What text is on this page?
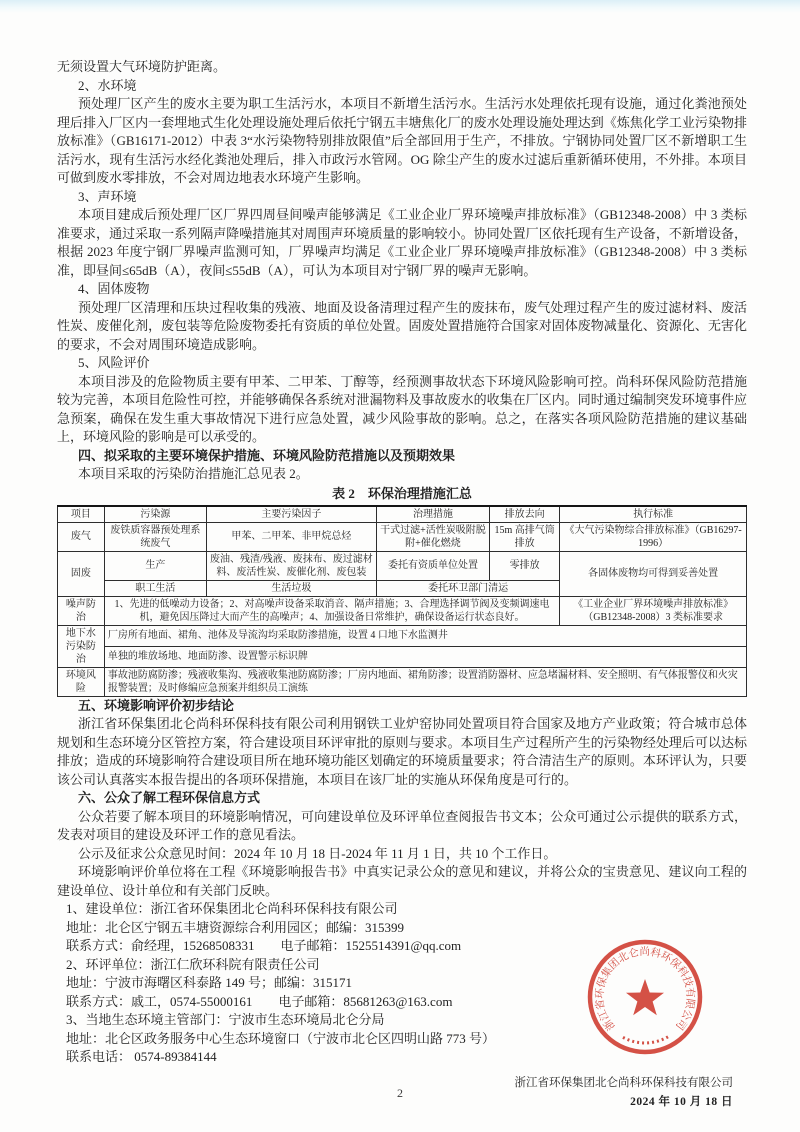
无须设置大气环境防护距离。

2、水环境

预处理厂区产生的废水主要为职工生活污水，本项目不新增生活污水。生活污水处理依托现有设施，通过化粪池预处理后排入厂区内一套埋地式生化处理设施处理后依托宁钢五丰塘焦化厂的废水处理设施处理达到《炼焦化学工业污染物排放标准》（GB16171-2012）中表 3“水污染物特别排放限值”后全部回用于生产，不排放。宁钢协同处置厂区不新增职工生活污水，现有生活污水经化粪池处理后，排入市政污水管网。OG 除尘产生的废水过滤后重新循环使用，不外排。本项目可做到废水零排放，不会对周边地表水环境产生影响。

3、声环境

本项目建成后预处理厂区厂界四周昼间噪声能够满足《工业企业厂界环境噪声排放标准》（GB12348-2008）中 3 类标准要求，通过采取一系列隔声降噪措施其对周围声环境质量的影响较小。协同处置厂区依托现有生产设备，不新增设备，根据 2023 年度宁钢厂界噪声监测可知，厂界噪声均满足《工业企业厂界环境噪声排放标准》（GB12348-2008）中 3 类标准，即昼间≤65dB（A），夜间≤55dB（A），可认为本项目对宁钢厂界的噪声无影响。

4、固体废物

预处理厂区清理和压块过程收集的残液、地面及设备清理过程产生的废抹布，废气处理过程产生的废过滤材料、废活性炭、废催化剂，废包装等危险废物委托有资质的单位处置。固废处置措施符合国家对固体废物减量化、资源化、无害化的要求，不会对周围环境造成影响。

5、风险评价

本项目涉及的危险物质主要有甲苯、二甲苯、丁醇等，经预测事故状态下环境风险影响可控。尚科环保风险防范措施较为完善，本项目危险性可控，并能够确保各系统对泄漏物料及事故废水的收集在厂区内。同时通过编制突发环境事件应急预案，确保在发生重大事故情况下进行应急处置，减少风险事故的影响。总之，在落实各项风险防范措施的建议基础上，环境风险的影响是可以承受的。

四、拟采取的主要环境保护措施、环境风险防范措施以及预期效果

本项目采取的污染防治措施汇总见表 2。

表 2　环保治理措施汇总
项目	污染源	主要污染因子	治理措施	排放去向	执行标准
废气	废铁质容器预处理系统废气	甲苯、二甲苯、非甲烷总烃	干式过滤+活性炭吸附脱附+催化燃烧	15m 高排气筒排放	《大气污染物综合排放标准》（GB16297-1996）
固废	生产	废油、残渣/残液、废抹布、废过滤材料、废活性炭、废催化剂、废包装	委托有资质单位处置	零排放	各固体废物均可得到妥善处置
	职工生活	生活垃圾	委托环卫部门清运		
噪声防治	1、先进的低噪动力设备；2、对高噪声设备采取消音、隔声措施；3、合理选择调节阀及变频调速电机，避免因压降过大而产生的高噪声；4、加强设备日常维护，确保设备运行状态良好。				《工业企业厂界环境噪声排放标准》（GB12348-2008）3 类标准要求
地下水污染防治	厂房所有地面、裙角、池体及导流沟均采取防渗措施，设置 4 口地下水监测井				
	单独的堆放场地、地面防渗、设置警示标识牌				
环境风险	事故池防腐防渗；残液收集沟、残液收集池防腐防渗；厂房内地面、裙角防渗；设置消防器材、应急堵漏材料、安全照明、有气体报警仪和火灾报警装置；及时修编应急预案并组织员工演练				

五、环境影响评价初步结论

浙江省环保集团北仑尚科环保科技有限公司利用钢铁工业炉窑协同处置项目符合国家及地方产业政策；符合城市总体规划和生态环境分区管控方案，符合建设项目环评审批的原则与要求。本项目生产过程所产生的污染物经处理后可以达标排放；造成的环境影响符合建设项目所在地环境功能区划确定的环境质量要求；符合清洁生产的原则。本环评认为，只要该公司认真落实本报告提出的各项环保措施，本项目在该厂址的实施从环保角度是可行的。

六、公众了解工程环保信息方式

公众若要了解本项目的环境影响情况，可向建设单位及环评单位查阅报告书文本；公众可通过公示提供的联系方式，发表对项目的建设及环评工作的意见看法。

公示及征求公众意见时间：2024 年 10 月 18 日-2024 年 11 月 1 日，共 10 个工作日。

环境影响评价单位将在工程《环境影响报告书》中真实记录公众的意见和建议，并将公众的宝贵意见、建议向工程的建设单位、设计单位和有关部门反映。

1、建设单位：浙江省环保集团北仑尚科环保科技有限公司

地址：北仑区宁钢五丰塘资源综合利用园区；邮编：315399

联系方式：俞经理，15268508331　　电子邮箱：1525514391@qq.com

2、环评单位：浙江仁欣环科院有限责任公司

地址：宁波市海曙区科泰路 149 号；邮编：315171

联系方式：戚工，0574-55000161　　电子邮箱：85681263@163.com

3、当地生态环境主管部门：宁波市生态环境局北仑分局

地址：北仑区政务服务中心生态环境窗口（宁波市北仑区四明山路 773 号）

联系电话： 0574-89384144

浙江省环保集团北仑尚科环保科技有限公司
2024 年 10 月 18 日
浙江省环保集团北仑尚科环保科技有限公司
2
